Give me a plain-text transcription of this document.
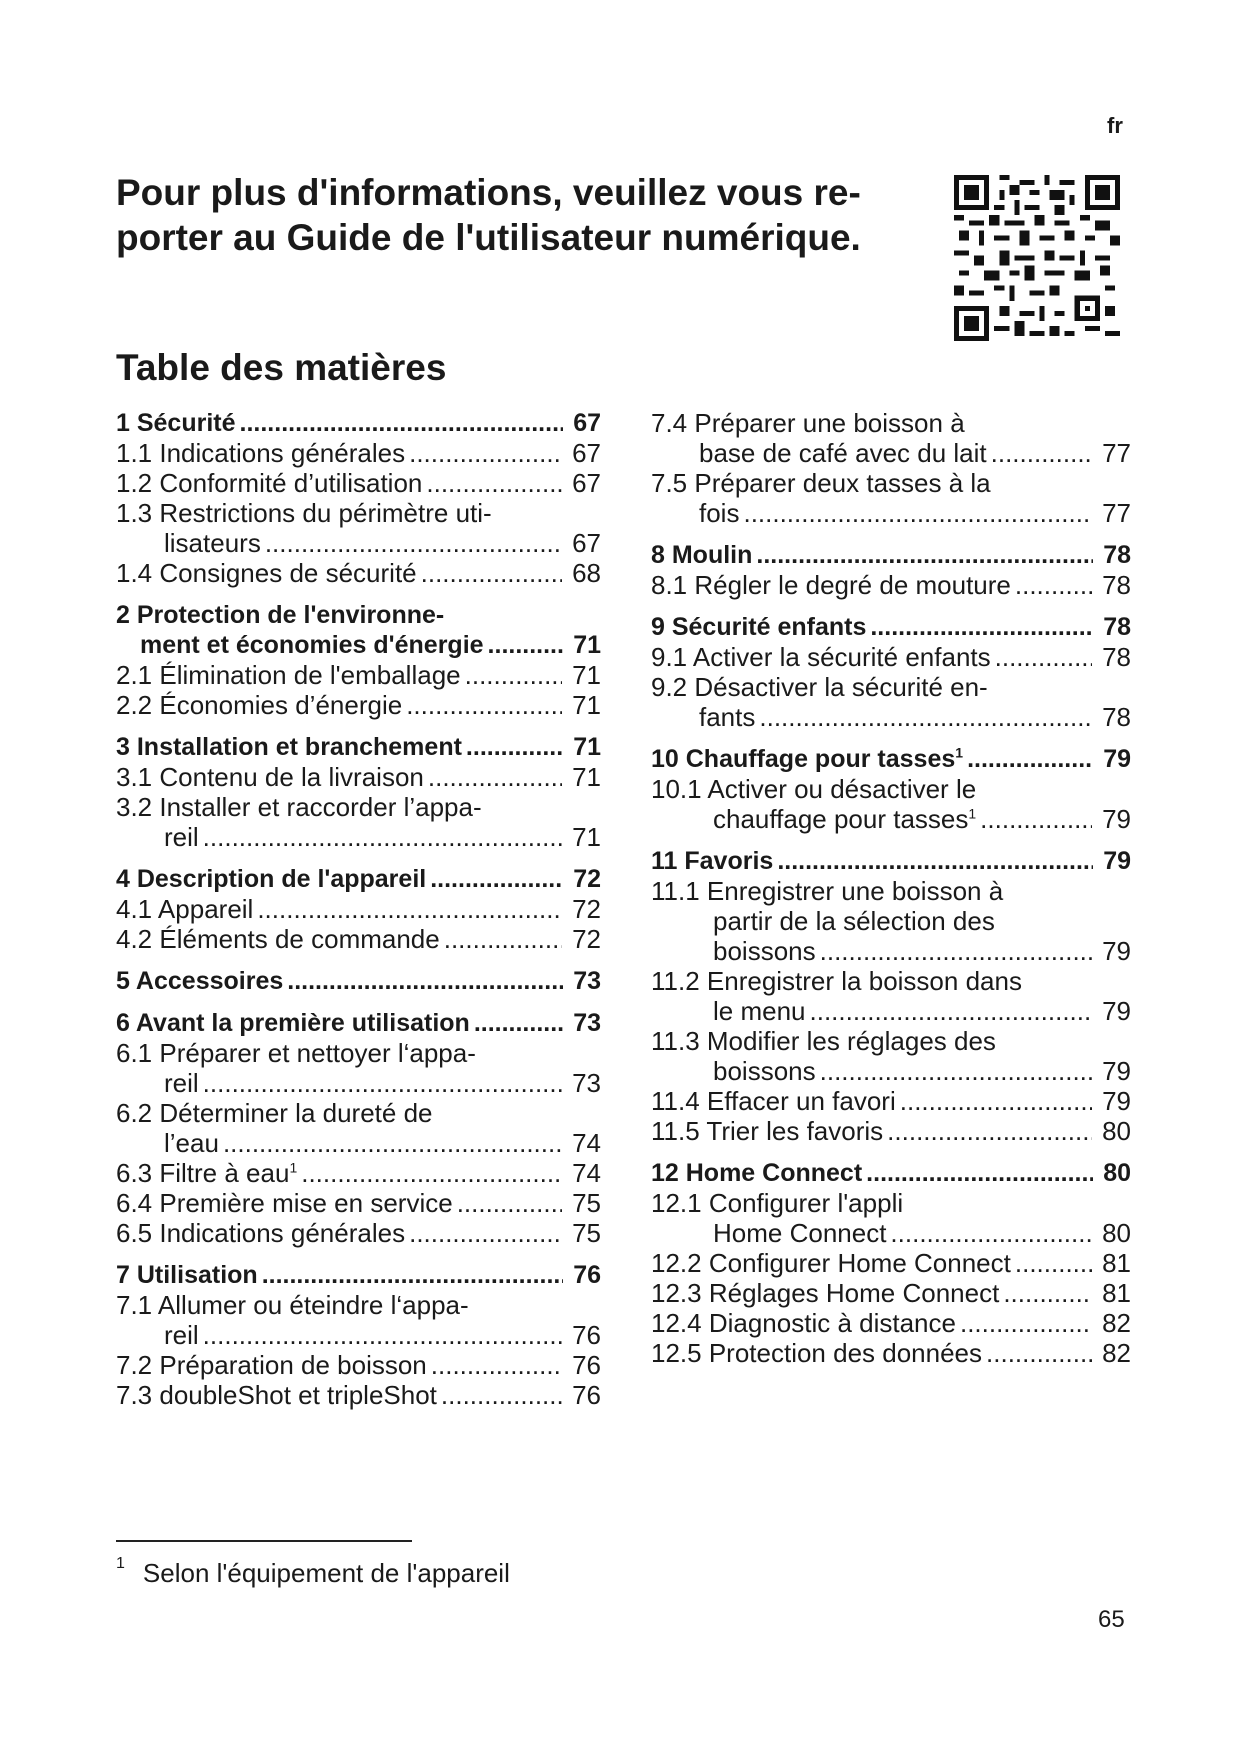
fr
Pour plus d'informations, veuillez vous re-
porter au Guide de l'utilisateur numérique.
Table des matières
1 Sécurité .....	67
1.1 Indications générales .....	67
1.2 Conformité d’utilisation .....	67
1.3 Restrictions du périmètre uti-
lisateurs .....	67
1.4 Consignes de sécurité .....	68
2 Protection de l'environne-
ment et économies d'énergie .....	71
2.1 Élimination de l'emballage .....	71
2.2 Économies d’énergie .....	71
3 Installation et branchement .....	71
3.1 Contenu de la livraison .....	71
3.2 Installer et raccorder l’appa-
reil .....	71
4 Description de l'appareil .....	72
4.1 Appareil .....	72
4.2 Éléments de commande .....	72
5 Accessoires .....	73
6 Avant la première utilisation .....	73
6.1 Préparer et nettoyer l‘appa-
reil .....	73
6.2 Déterminer la dureté de
l’eau .....	74
6.3 Filtre à eau$^1$ .....	74
6.4 Première mise en service .....	75
6.5 Indications générales .....	75
7 Utilisation .....	76
7.1 Allumer ou éteindre l‘appa-
reil .....	76
7.2 Préparation de boisson .....	76
7.3 doubleShot et tripleShot .....	76
7.4 Préparer une boisson à
base de café avec du lait .....	77
7.5 Préparer deux tasses à la
fois .....	77
8 Moulin .....	78
8.1 Régler le degré de mouture .....	78
9 Sécurité enfants .....	78
9.1 Activer la sécurité enfants .....	78
9.2 Désactiver la sécurité en-
fants .....	78
10 Chauffage pour tasses$^1$ .....	79
10.1 Activer ou désactiver le
chauffage pour tasses$^1$ .....	79
11 Favoris .....	79
11.1 Enregistrer une boisson à
partir de la sélection des
boissons .....	79
11.2 Enregistrer la boisson dans
le menu .....	79
11.3 Modifier les réglages des
boissons .....	79
11.4 Effacer un favori .....	79
11.5 Trier les favoris .....	80
12 Home Connect .....	80
12.1 Configurer l'appli
Home Connect .....	80
12.2 Configurer Home Connect .....	81
12.3 Réglages Home Connect .....	81
12.4 Diagnostic à distance .....	82
12.5 Protection des données .....	82
$^1$ Selon l'équipement de l'appareil
65
